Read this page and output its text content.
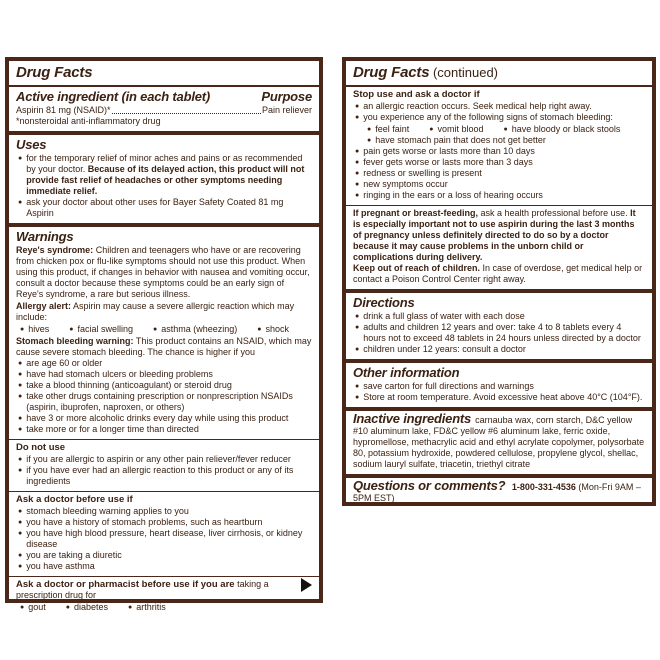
Drug Facts
Active ingredient (in each tablet)	Purpose
Aspirin 81 mg (NSAID)*	Pain reliever
*nonsteroidal anti-inflammatory drug
Uses
● for the temporary relief of minor aches and pains or as recommended by your doctor. Because of its delayed action, this product will not provide fast relief of headaches or other symptoms needing immediate relief.
● ask your doctor about other uses for Bayer Safety Coated 81 mg Aspirin
Warnings
Reye's syndrome: Children and teenagers who have or are recovering from chicken pox or flu-like symptoms should not use this product. When using this product, if changes in behavior with nausea and vomiting occur, consult a doctor because these symptoms could be an early sign of Reye's syndrome, a rare but serious illness.
Allergy alert: Aspirin may cause a severe allergic reaction which may include:
● hives	● facial swelling	● asthma (wheezing)	● shock
Stomach bleeding warning: This product contains an NSAID, which may cause severe stomach bleeding. The chance is higher if you
● are age 60 or older
● have had stomach ulcers or bleeding problems
● take a blood thinning (anticoagulant) or steroid drug
● take other drugs containing prescription or nonprescription NSAIDs (aspirin, ibuprofen, naproxen, or others)
● have 3 or more alcoholic drinks every day while using this product
● take more or for a longer time than directed
Do not use
● if you are allergic to aspirin or any other pain reliever/fever reducer
● if you have ever had an allergic reaction to this product or any of its ingredients
Ask a doctor before use if
● stomach bleeding warning applies to you
● you have a history of stomach problems, such as heartburn
● you have high blood pressure, heart disease, liver cirrhosis, or kidney disease
● you are taking a diuretic
● you have asthma
Ask a doctor or pharmacist before use if you are taking a prescription drug for
● gout	● diabetes	● arthritis
Drug Facts (continued)
Stop use and ask a doctor if
● an allergic reaction occurs. Seek medical help right away.
● you experience any of the following signs of stomach bleeding:
● feel faint	● vomit blood	● have bloody or black stools
● have stomach pain that does not get better
● pain gets worse or lasts more than 10 days
● fever gets worse or lasts more than 3 days
● redness or swelling is present
● new symptoms occur
● ringing in the ears or a loss of hearing occurs
If pregnant or breast-feeding, ask a health professional before use. It is especially important not to use aspirin during the last 3 months of pregnancy unless definitely directed to do so by a doctor because it may cause problems in the unborn child or complications during delivery.
Keep out of reach of children. In case of overdose, get medical help or contact a Poison Control Center right away.
Directions
● drink a full glass of water with each dose
● adults and children 12 years and over: take 4 to 8 tablets every 4 hours not to exceed 48 tablets in 24 hours unless directed by a doctor
● children under 12 years: consult a doctor
Other information
● save carton for full directions and warnings
● Store at room temperature. Avoid excessive heat above 40°C (104°F).
Inactive ingredients carnauba wax, corn starch, D&C yellow #10 aluminum lake, FD&C yellow #6 aluminum lake, ferric oxide, hypromellose, methacrylic acid and ethyl acrylate copolymer, polysorbate 80, potassium hydroxide, powdered cellulose, propylene glycol, shellac, sodium lauryl sulfate, triacetin, triethyl citrate
Questions or comments? 1-800-331-4536 (Mon-Fri 9AM – 5PM EST)
